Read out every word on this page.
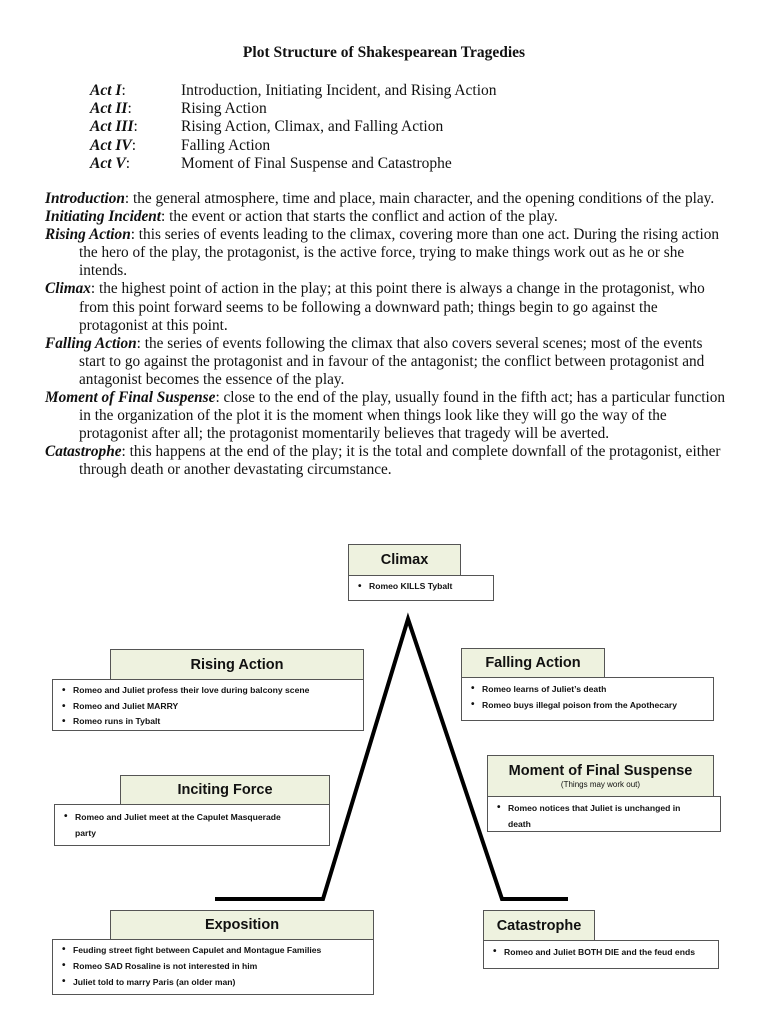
Plot Structure of Shakespearean Tragedies
Act I:	Introduction, Initiating Incident, and Rising Action
Act II:	Rising Action
Act III:	Rising Action, Climax, and Falling Action
Act IV:	Falling Action
Act V:	Moment of Final Suspense and Catastrophe
Introduction: the general atmosphere, time and place, main character, and the opening conditions of the play.
Initiating Incident: the event or action that starts the conflict and action of the play.
Rising Action: this series of events leading to the climax, covering more than one act. During the rising action the hero of the play, the protagonist, is the active force, trying to make things work out as he or she intends.
Climax: the highest point of action in the play; at this point there is always a change in the protagonist, who from this point forward seems to be following a downward path; things begin to go against the protagonist at this point.
Falling Action: the series of events following the climax that also covers several scenes; most of the events start to go against the protagonist and in favour of the antagonist; the conflict between protagonist and antagonist becomes the essence of the play.
Moment of Final Suspense: close to the end of the play, usually found in the fifth act; has a particular function in the organization of the plot it is the moment when things look like they will go the way of the protagonist after all; the protagonist momentarily believes that tragedy will be averted.
Catastrophe: this happens at the end of the play; it is the total and complete downfall of the protagonist, either through death or another devastating circumstance.
Climax
• Romeo KILLS Tybalt
Rising Action
• Romeo and Juliet profess their love during balcony scene
• Romeo and Juliet MARRY
• Romeo runs in Tybalt
Falling Action
• Romeo learns of Juliet’s death
• Romeo buys illegal poison from the Apothecary
Inciting Force
• Romeo and Juliet meet at the Capulet Masquerade party
Moment of Final Suspense
(Things may work out)
• Romeo notices that Juliet is unchanged in death
Exposition
• Feuding street fight between Capulet and Montague Families
• Romeo SAD Rosaline is not interested in him
• Juliet told to marry Paris (an older man)
Catastrophe
• Romeo and Juliet BOTH DIE and the feud ends
